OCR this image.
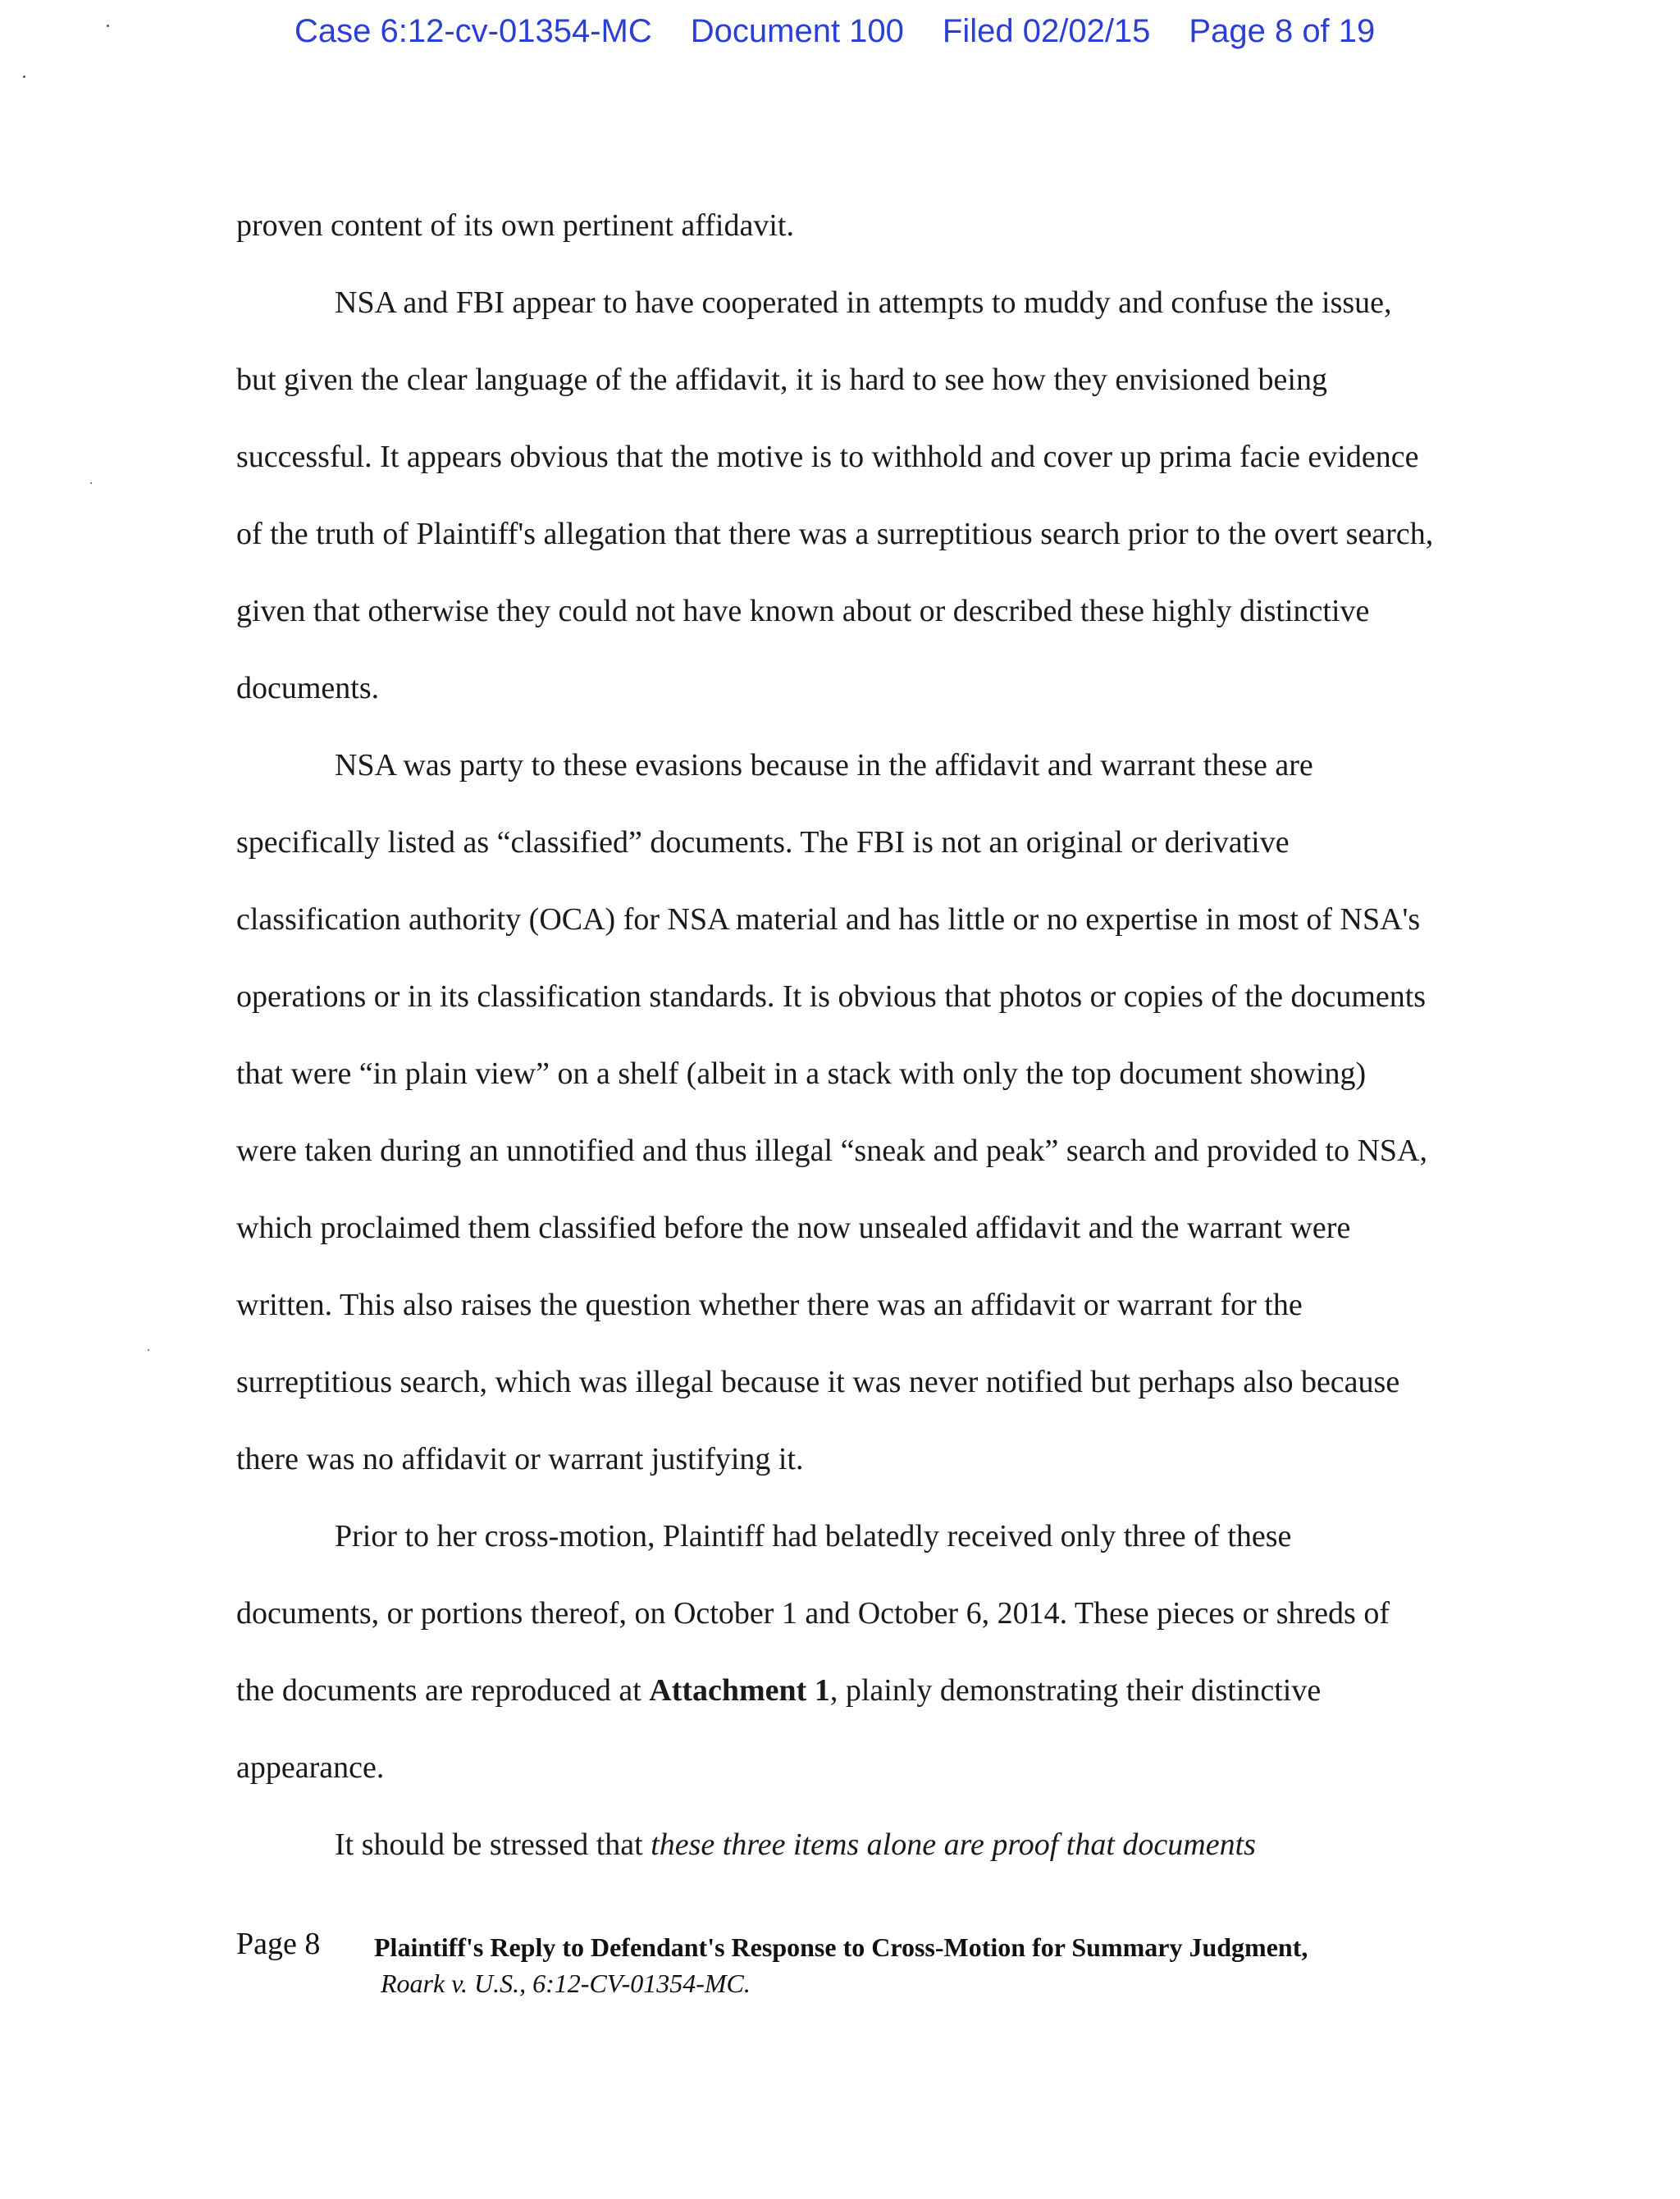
Case 6:12-cv-01354-MC Document 100 Filed 02/02/15 Page 8 of 19

proven content of its own pertinent affidavit.

NSA and FBI appear to have cooperated in attempts to muddy and confuse the issue, but given the clear language of the affidavit, it is hard to see how they envisioned being successful. It appears obvious that the motive is to withhold and cover up prima facie evidence of the truth of Plaintiff's allegation that there was a surreptitious search prior to the overt search, given that otherwise they could not have known about or described these highly distinctive documents.

NSA was party to these evasions because in the affidavit and warrant these are specifically listed as “classified” documents. The FBI is not an original or derivative classification authority (OCA) for NSA material and has little or no expertise in most of NSA's operations or in its classification standards. It is obvious that photos or copies of the documents that were “in plain view” on a shelf (albeit in a stack with only the top document showing) were taken during an unnotified and thus illegal “sneak and peak” search and provided to NSA, which proclaimed them classified before the now unsealed affidavit and the warrant were written. This also raises the question whether there was an affidavit or warrant for the surreptitious search, which was illegal because it was never notified but perhaps also because there was no affidavit or warrant justifying it.

Prior to her cross-motion, Plaintiff had belatedly received only three of these documents, or portions thereof, on October 1 and October 6, 2014. These pieces or shreds of the documents are reproduced at Attachment 1, plainly demonstrating their distinctive appearance.

It should be stressed that these three items alone are proof that documents

Page 8 Plaintiff's Reply to Defendant's Response to Cross-Motion for Summary Judgment,
Roark v. U.S., 6:12-CV-01354-MC.
